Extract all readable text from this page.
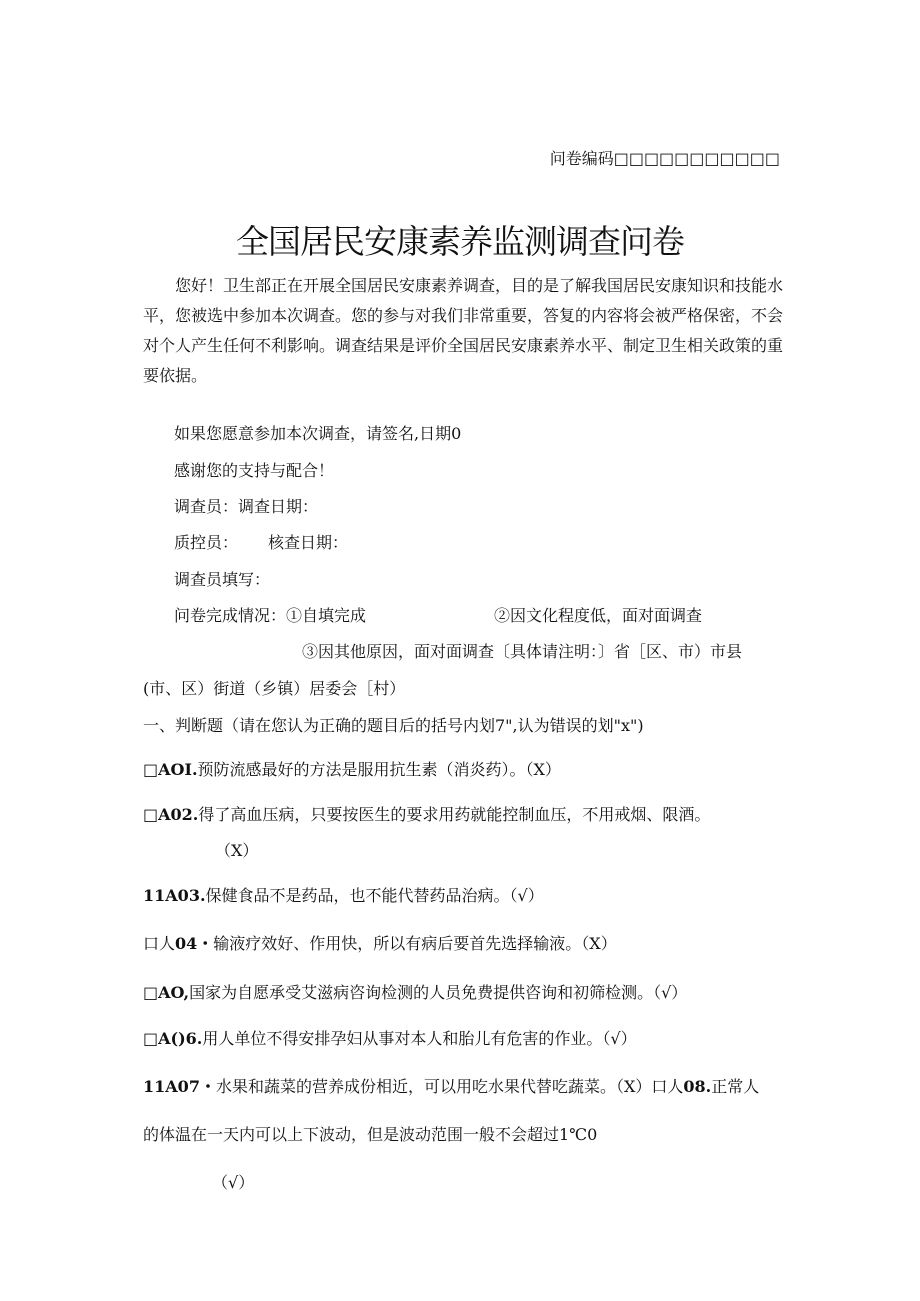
问卷编码□□□□□□□□□□□
全国居民安康素养监测调查问卷
您好！卫生部正在开展全国居民安康素养调查，目的是了解我国居民安康知识和技能水平，您被选中参加本次调查。您的参与对我们非常重要，答复的内容将会被严格保密，不会对个人产生任何不利影响。调查结果是评价全国居民安康素养水平、制定卫生相关政策的重要依据。
如果您愿意参加本次调查，请签名,日期0
感谢您的支持与配合！
调查员：调查日期：
质控员： 核查日期：
调查员填写：
问卷完成情况：①自填完成	②因文化程度低，面对面调查
③因其他原因，面对面调查〔具体请注明：〕省［区、市）市县
(市、区）街道（乡镇）居委会［村）
一、判断题（请在您认为正确的题目后的括号内划7",认为错误的划"x")
□AOI.预防流感最好的方法是服用抗生素（消炎药）。（X）
□A02.得了高血压病，只要按医生的要求用药就能控制血压，不用戒烟、限酒。
（X）
11A03.保健食品不是药品，也不能代替药品治病。（√）
口人04・输液疗效好、作用快，所以有病后要首先选择输液。（X）
□AO,国家为自愿承受艾滋病咨询检测的人员免费提供咨询和初筛检测。（√）
□A()6.用人单位不得安排孕妇从事对本人和胎儿有危害的作业。（√）
11A07・水果和蔬菜的营养成份相近，可以用吃水果代替吃蔬菜。（X）口人08.正常人
的体温在一天内可以上下波动，但是波动范围一般不会超过1℃0
（√）
